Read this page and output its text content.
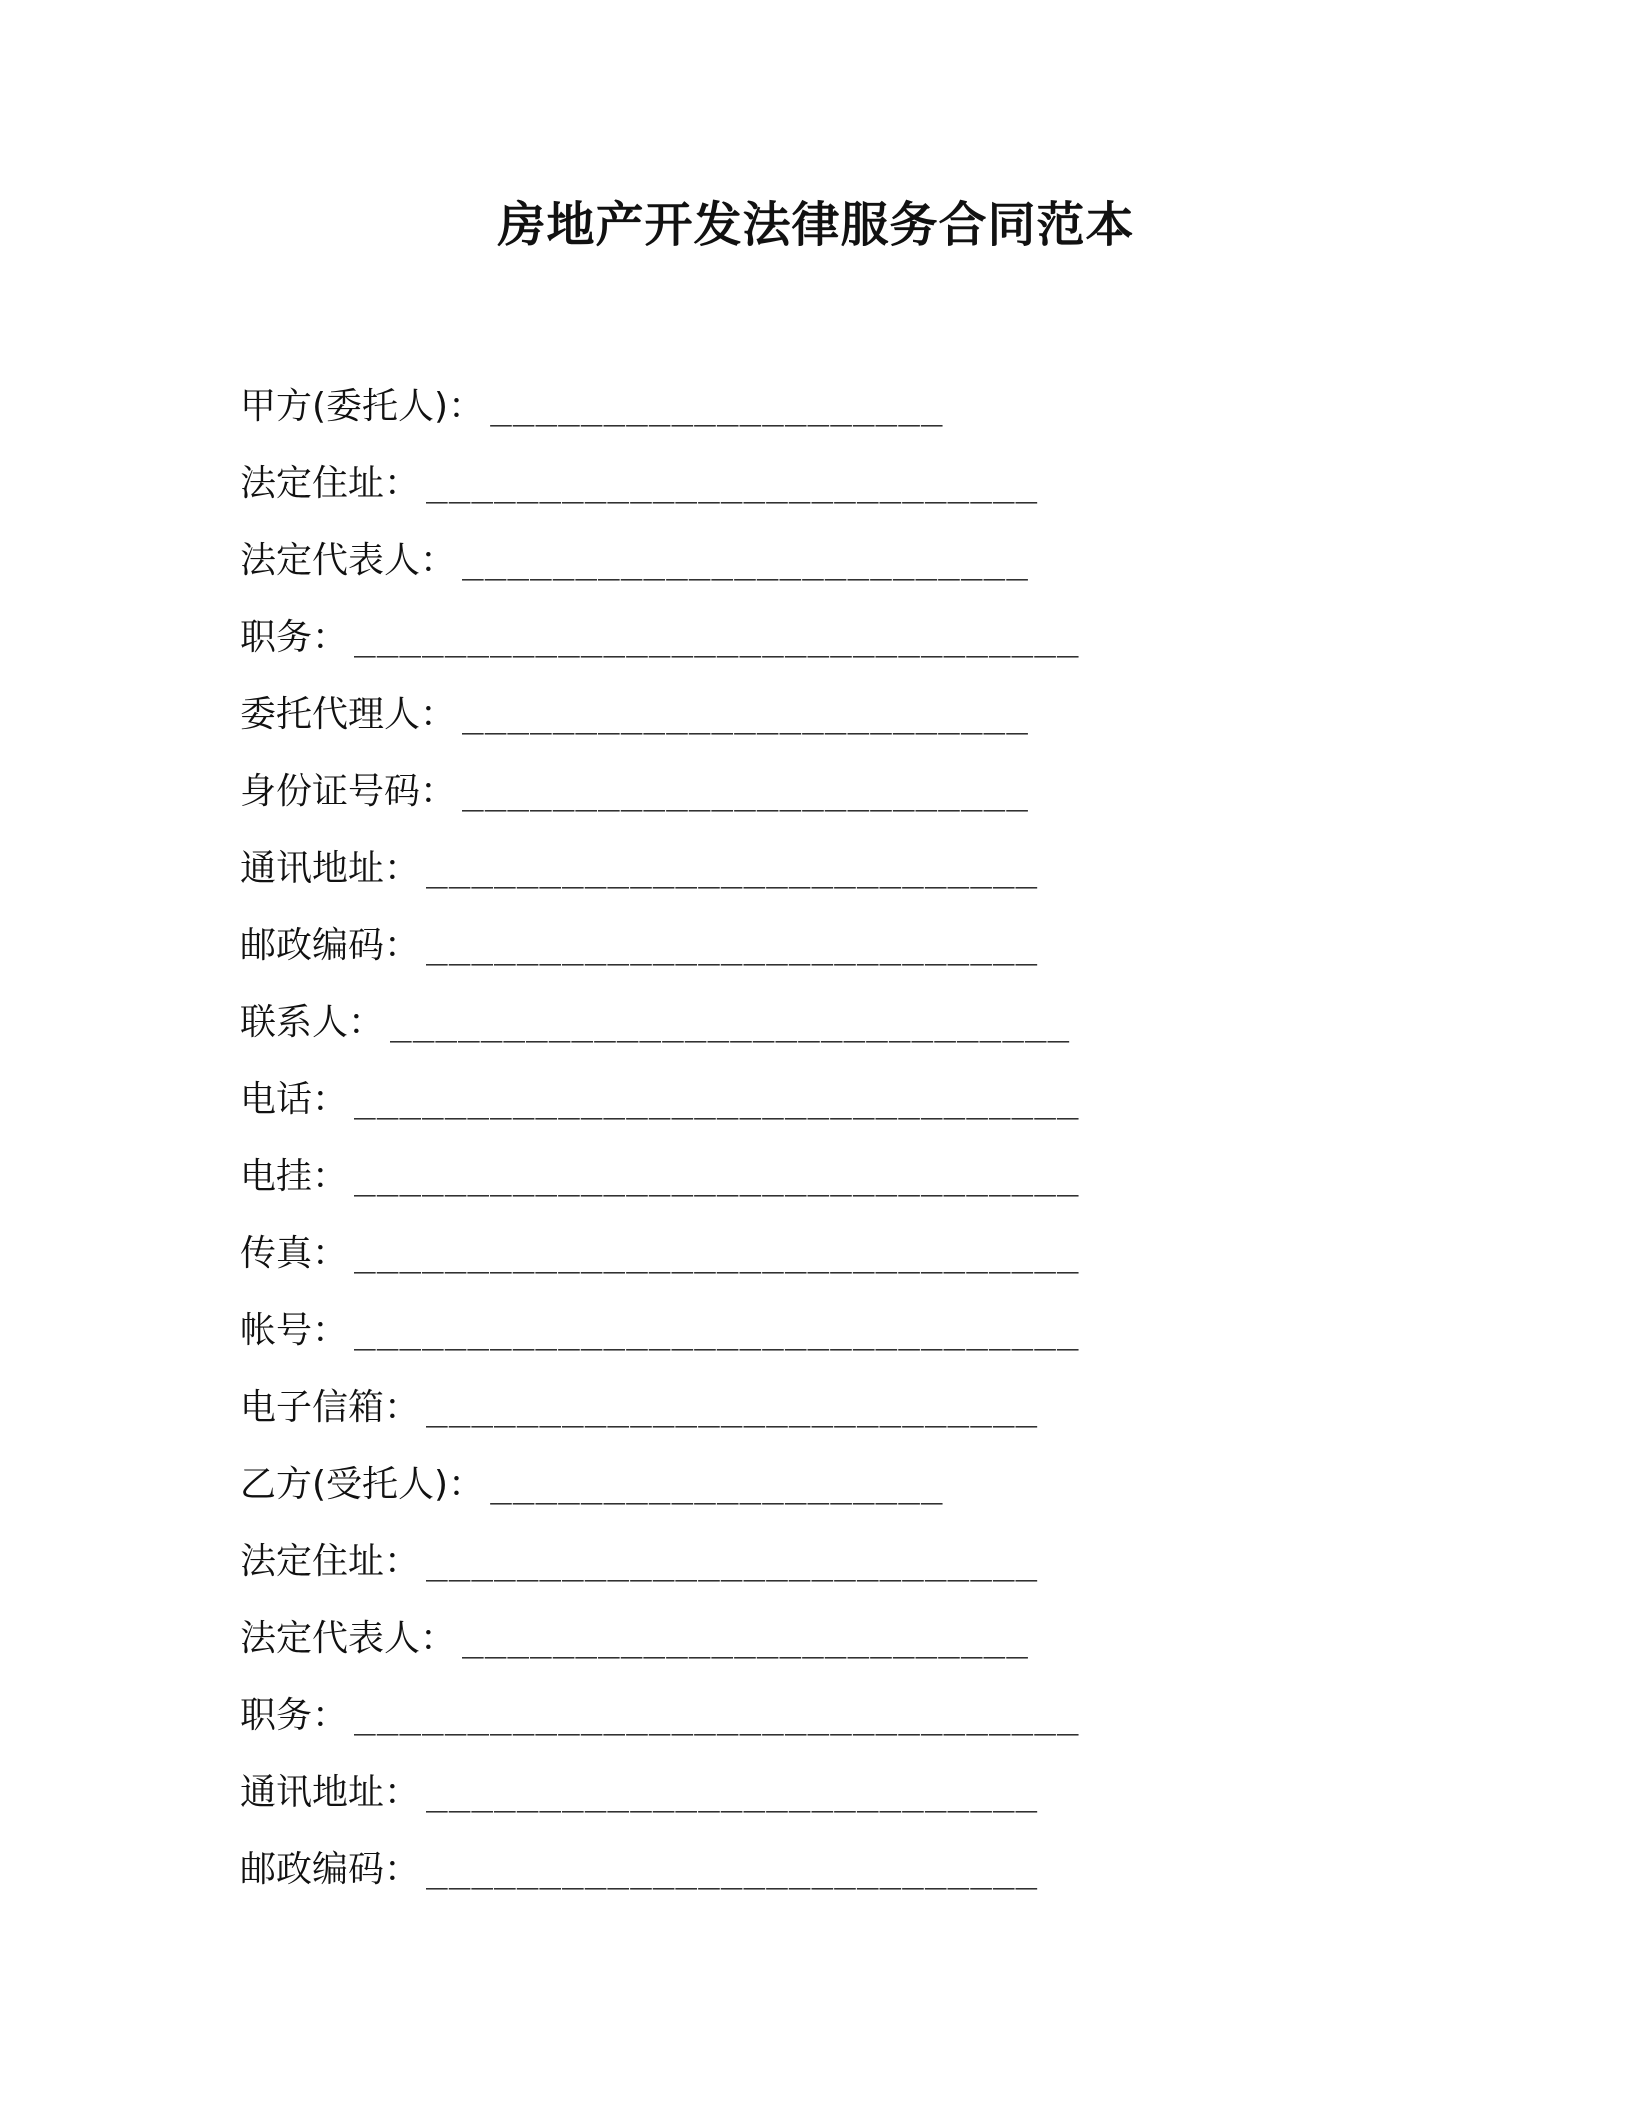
房地产开发法律服务合同范本
甲方(委托人)： ____________________
法定住址： ___________________________
法定代表人： _________________________
职务： ________________________________
委托代理人： _________________________
身份证号码： _________________________
通讯地址： ___________________________
邮政编码： ___________________________
联系人： ______________________________
电话： ________________________________
电挂： ________________________________
传真： ________________________________
帐号： ________________________________
电子信箱： ___________________________
乙方(受托人)： ____________________
法定住址： ___________________________
法定代表人： _________________________
职务： ________________________________
通讯地址： ___________________________
邮政编码： ___________________________
